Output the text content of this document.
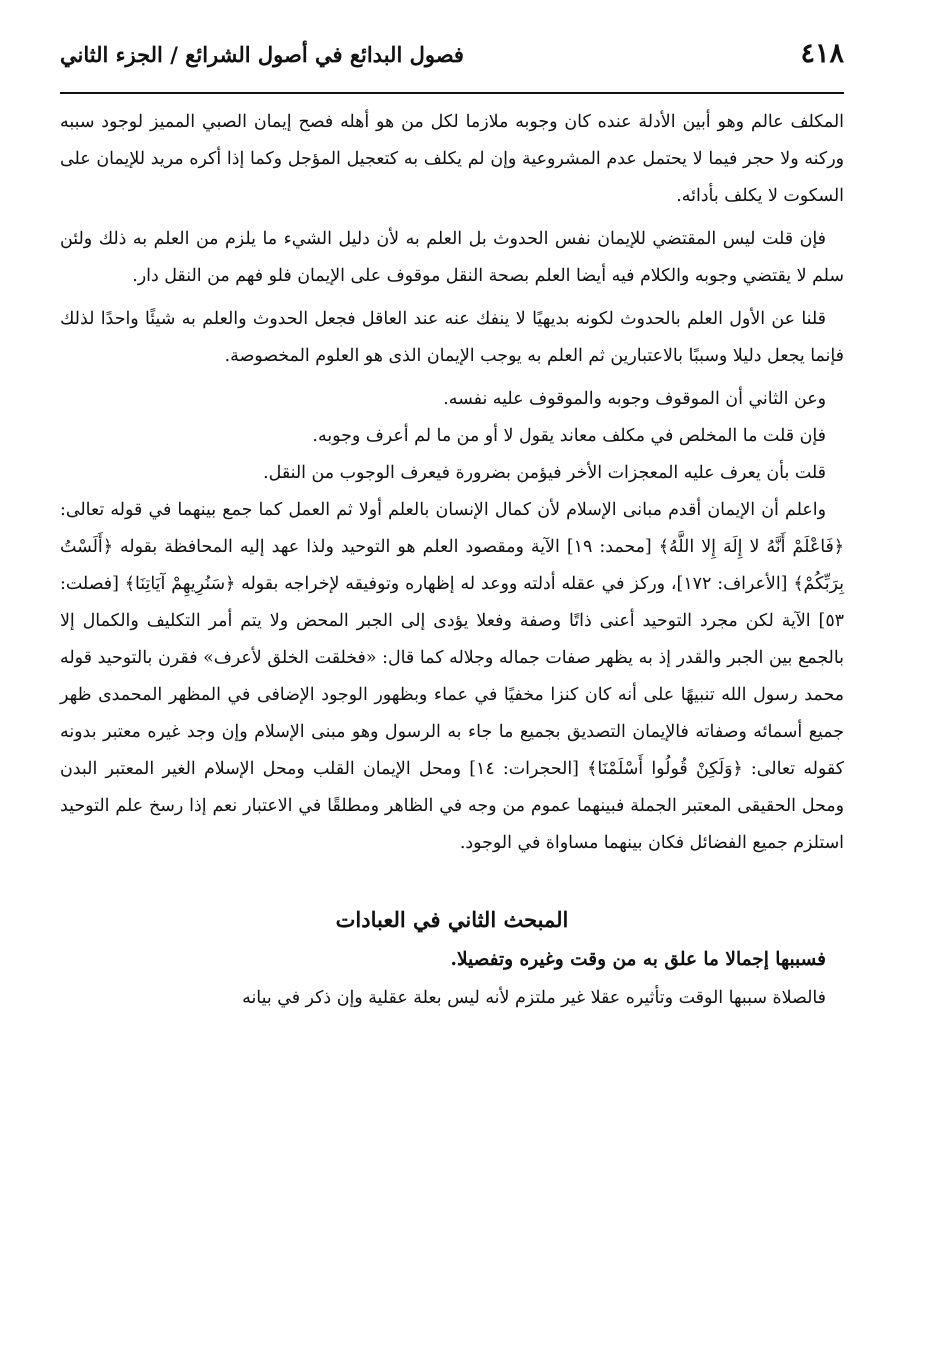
٤١٨
فصول البدائع في أصول الشرائع / الجزء الثاني

المكلف عالم وهو أبين الأدلة عنده كان وجوبه ملازما لكل من هو أهله فصح إيمان الصبي المميز لوجود سببه وركنه ولا حجر فيما لا يحتمل عدم المشروعية وإن لم يكلف به كتعجيل المؤجل وكما إذا أكره مريد للإيمان على السكوت لا يكلف بأدائه.

فإن قلت ليس المقتضي للإيمان نفس الحدوث بل العلم به لأن دليل الشيء ما يلزم من العلم به ذلك ولئن سلم لا يقتضي وجوبه والكلام فيه أيضا العلم بصحة النقل موقوف على الإيمان فلو فهم من النقل دار.

قلنا عن الأول العلم بالحدوث لكونه بديهيًا لا ينفك عنه عند العاقل فجعل الحدوث والعلم به شيئًا واحدًا لذلك فإنما يجعل دليلا وسببًا بالاعتبارين ثم العلم به يوجب الإيمان الذى هو العلوم المخصوصة.

وعن الثاني أن الموقوف وجوبه والموقوف عليه نفسه.

فإن قلت ما المخلص في مكلف معاند يقول لا أو من ما لم أعرف وجوبه.

قلت بأن يعرف عليه المعجزات الأخر فيؤمن بضرورة فيعرف الوجوب من النقل.

واعلم أن الإيمان أقدم مبانى الإسلام لأن كمال الإنسان بالعلم أولا ثم العمل كما جمع بينهما في قوله تعالى: ﴿فَاعْلَمْ أَنَّهُ لا إِلَهَ إِلا اللَّهُ﴾ [محمد: ١٩] الآية ومقصود العلم هو التوحيد ولذا عهد إليه المحافظة بقوله ﴿أَلَسْتُ بِرَبِّكُمْ﴾ [الأعراف: ١٧٢]، وركز في عقله أدلته ووعد له إظهاره وتوفيقه لإخراجه بقوله ﴿سَنُرِيهِمْ آيَاتِنَا﴾ [فصلت: ٥٣] الآية لكن مجرد التوحيد أعنى ذاتًا وصفة وفعلا يؤدى إلى الجبر المحض ولا يتم أمر التكليف والكمال إلا بالجمع بين الجبر والقدر إذ به يظهر صفات جماله وجلاله كما قال: «فخلقت الخلق لأعرف» فقرن بالتوحيد قوله محمد رسول الله تنبيهًا على أنه كان كنزا مخفيًا في عماء وبظهور الوجود الإضافى في المظهر المحمدى ظهر جميع أسمائه وصفاته فالإيمان التصديق بجميع ما جاء به الرسول وهو مبنى الإسلام وإن وجد غيره معتبر بدونه كقوله تعالى: ﴿وَلَكِنْ قُولُوا أَسْلَمْنَا﴾ [الحجرات: ١٤] ومحل الإيمان القلب ومحل الإسلام الغير المعتبر البدن ومحل الحقيقى المعتبر الجملة فبينهما عموم من وجه في الظاهر ومطلقًا في الاعتبار نعم إذا رسخ علم التوحيد استلزم جميع الفضائل فكان بينهما مساواة في الوجود.

المبحث الثاني في العبادات
فسببها إجمالا ما علق به من وقت وغيره وتفصيلا.

فالصلاة سببها الوقت وتأثيره عقلا غير ملتزم لأنه ليس بعلة عقلية وإن ذكر في بيانه
